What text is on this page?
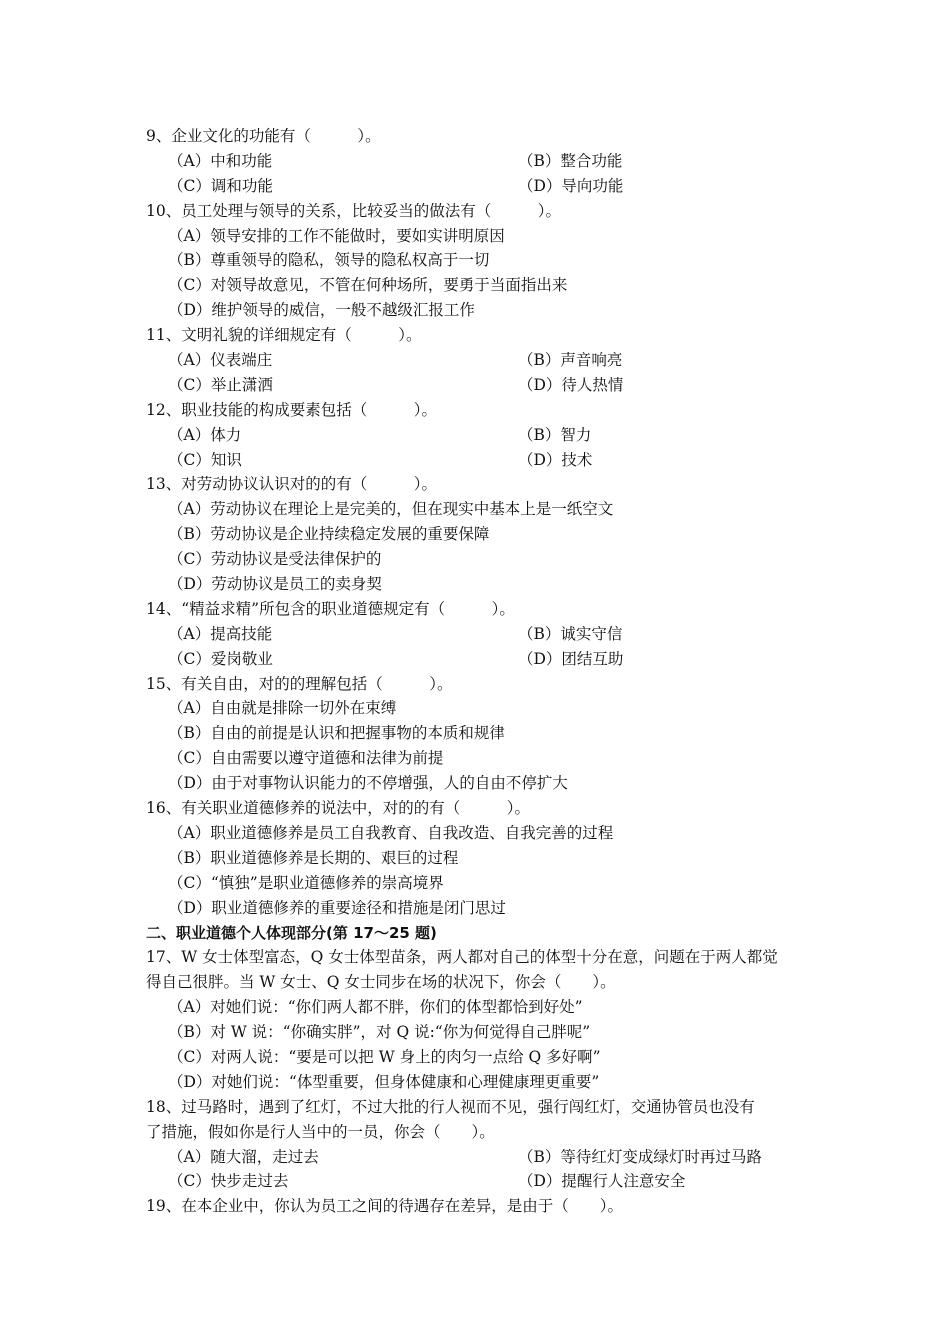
9、企业文化的功能有（　　　）。
（A）中和功能	（B）整合功能
（C）调和功能	（D）导向功能
10、员工处理与领导的关系，比较妥当的做法有（　　　）。
（A）领导安排的工作不能做时，要如实讲明原因
（B）尊重领导的隐私，领导的隐私权高于一切
（C）对领导故意见，不管在何种场所，要勇于当面指出来
（D）维护领导的威信，一般不越级汇报工作
11、文明礼貌的详细规定有（　　　）。
（A）仪表端庄	（B）声音响亮
（C）举止潇洒	（D）待人热情
12、职业技能的构成要素包括（　　　）。
（A）体力	（B）智力
（C）知识	（D）技术
13、对劳动协议认识对的的有（　　　）。
（A）劳动协议在理论上是完美的，但在现实中基本上是一纸空文
（B）劳动协议是企业持续稳定发展的重要保障
（C）劳动协议是受法律保护的
（D）劳动协议是员工的卖身契
14、“精益求精”所包含的职业道德规定有（　　　）。
（A）提高技能	（B）诚实守信
（C）爱岗敬业	（D）团结互助
15、有关自由，对的的理解包括（　　　）。
（A）自由就是排除一切外在束缚
（B）自由的前提是认识和把握事物的本质和规律
（C）自由需要以遵守道德和法律为前提
（D）由于对事物认识能力的不停增强，人的自由不停扩大
16、有关职业道德修养的说法中，对的的有（　　　）。
（A）职业道德修养是员工自我教育、自我改造、自我完善的过程
（B）职业道德修养是长期的、艰巨的过程
（C）“慎独”是职业道德修养的崇高境界
（D）职业道德修养的重要途径和措施是闭门思过
二、职业道德个人体现部分(第 17～25 题)
17、W 女士体型富态，Q 女士体型苗条，两人都对自己的体型十分在意，问题在于两人都觉
得自己很胖。当 W 女士、Q 女士同步在场的状况下，你会（　　）。
（A）对她们说：“你们两人都不胖，你们的体型都恰到好处”
（B）对 W 说：“你确实胖”，对 Q 说:“你为何觉得自己胖呢”
（C）对两人说：“要是可以把 W 身上的肉匀一点给 Q 多好啊”
（D）对她们说：“体型重要，但身体健康和心理健康理更重要”
18、过马路时，遇到了红灯，不过大批的行人视而不见，强行闯红灯，交通协管员也没有
了措施，假如你是行人当中的一员，你会（　　）。
（A）随大溜，走过去	（B）等待红灯变成绿灯时再过马路
（C）快步走过去	（D）提醒行人注意安全
19、在本企业中，你认为员工之间的待遇存在差异，是由于（　　）。
